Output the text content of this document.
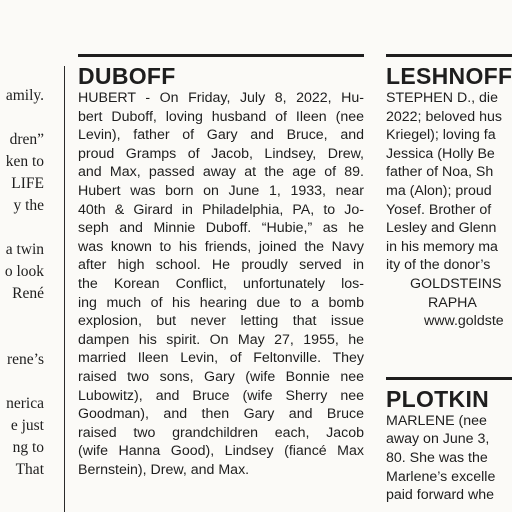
amily.
dren”
ken to
LIFE
y the
a twin
o look
René
rene’s
nerica
e just
ng to
That
DUBOFF
HUBERT - On Friday, July 8, 2022, Hu-
bert Duboff, loving husband of Ileen (nee
Levin), father of Gary and Bruce, and
proud Gramps of Jacob, Lindsey, Drew,
and Max, passed away at the age of 89.
Hubert was born on June 1, 1933, near
40th & Girard in Philadelphia, PA, to Jo-
seph and Minnie Duboff. “Hubie,” as he
was known to his friends, joined the Navy
after high school. He proudly served in
the Korean Conflict, unfortunately los-
ing much of his hearing due to a bomb
explosion, but never letting that issue
dampen his spirit. On May 27, 1955, he
married Ileen Levin, of Feltonville. They
raised two sons, Gary (wife Bonnie nee
Lubowitz), and Bruce (wife Sherry nee
Goodman), and then Gary and Bruce
raised two grandchildren each, Jacob
(wife Hanna Good), Lindsey (fiancé Max
Bernstein), Drew, and Max.
LESHNOFF
STEPHEN D., die
2022; beloved hus
Kriegel); loving fa
Jessica (Holly Be
father of Noa, Sh
ma (Alon); proud
Yosef. Brother of
Lesley and Glenn
in his memory ma
ity of the donor’s
GOLDSTEINS
RAPHA
www.goldste
PLOTKIN
MARLENE (nee
away on June 3,
80. She was the
Marlene’s excelle
paid forward whe
